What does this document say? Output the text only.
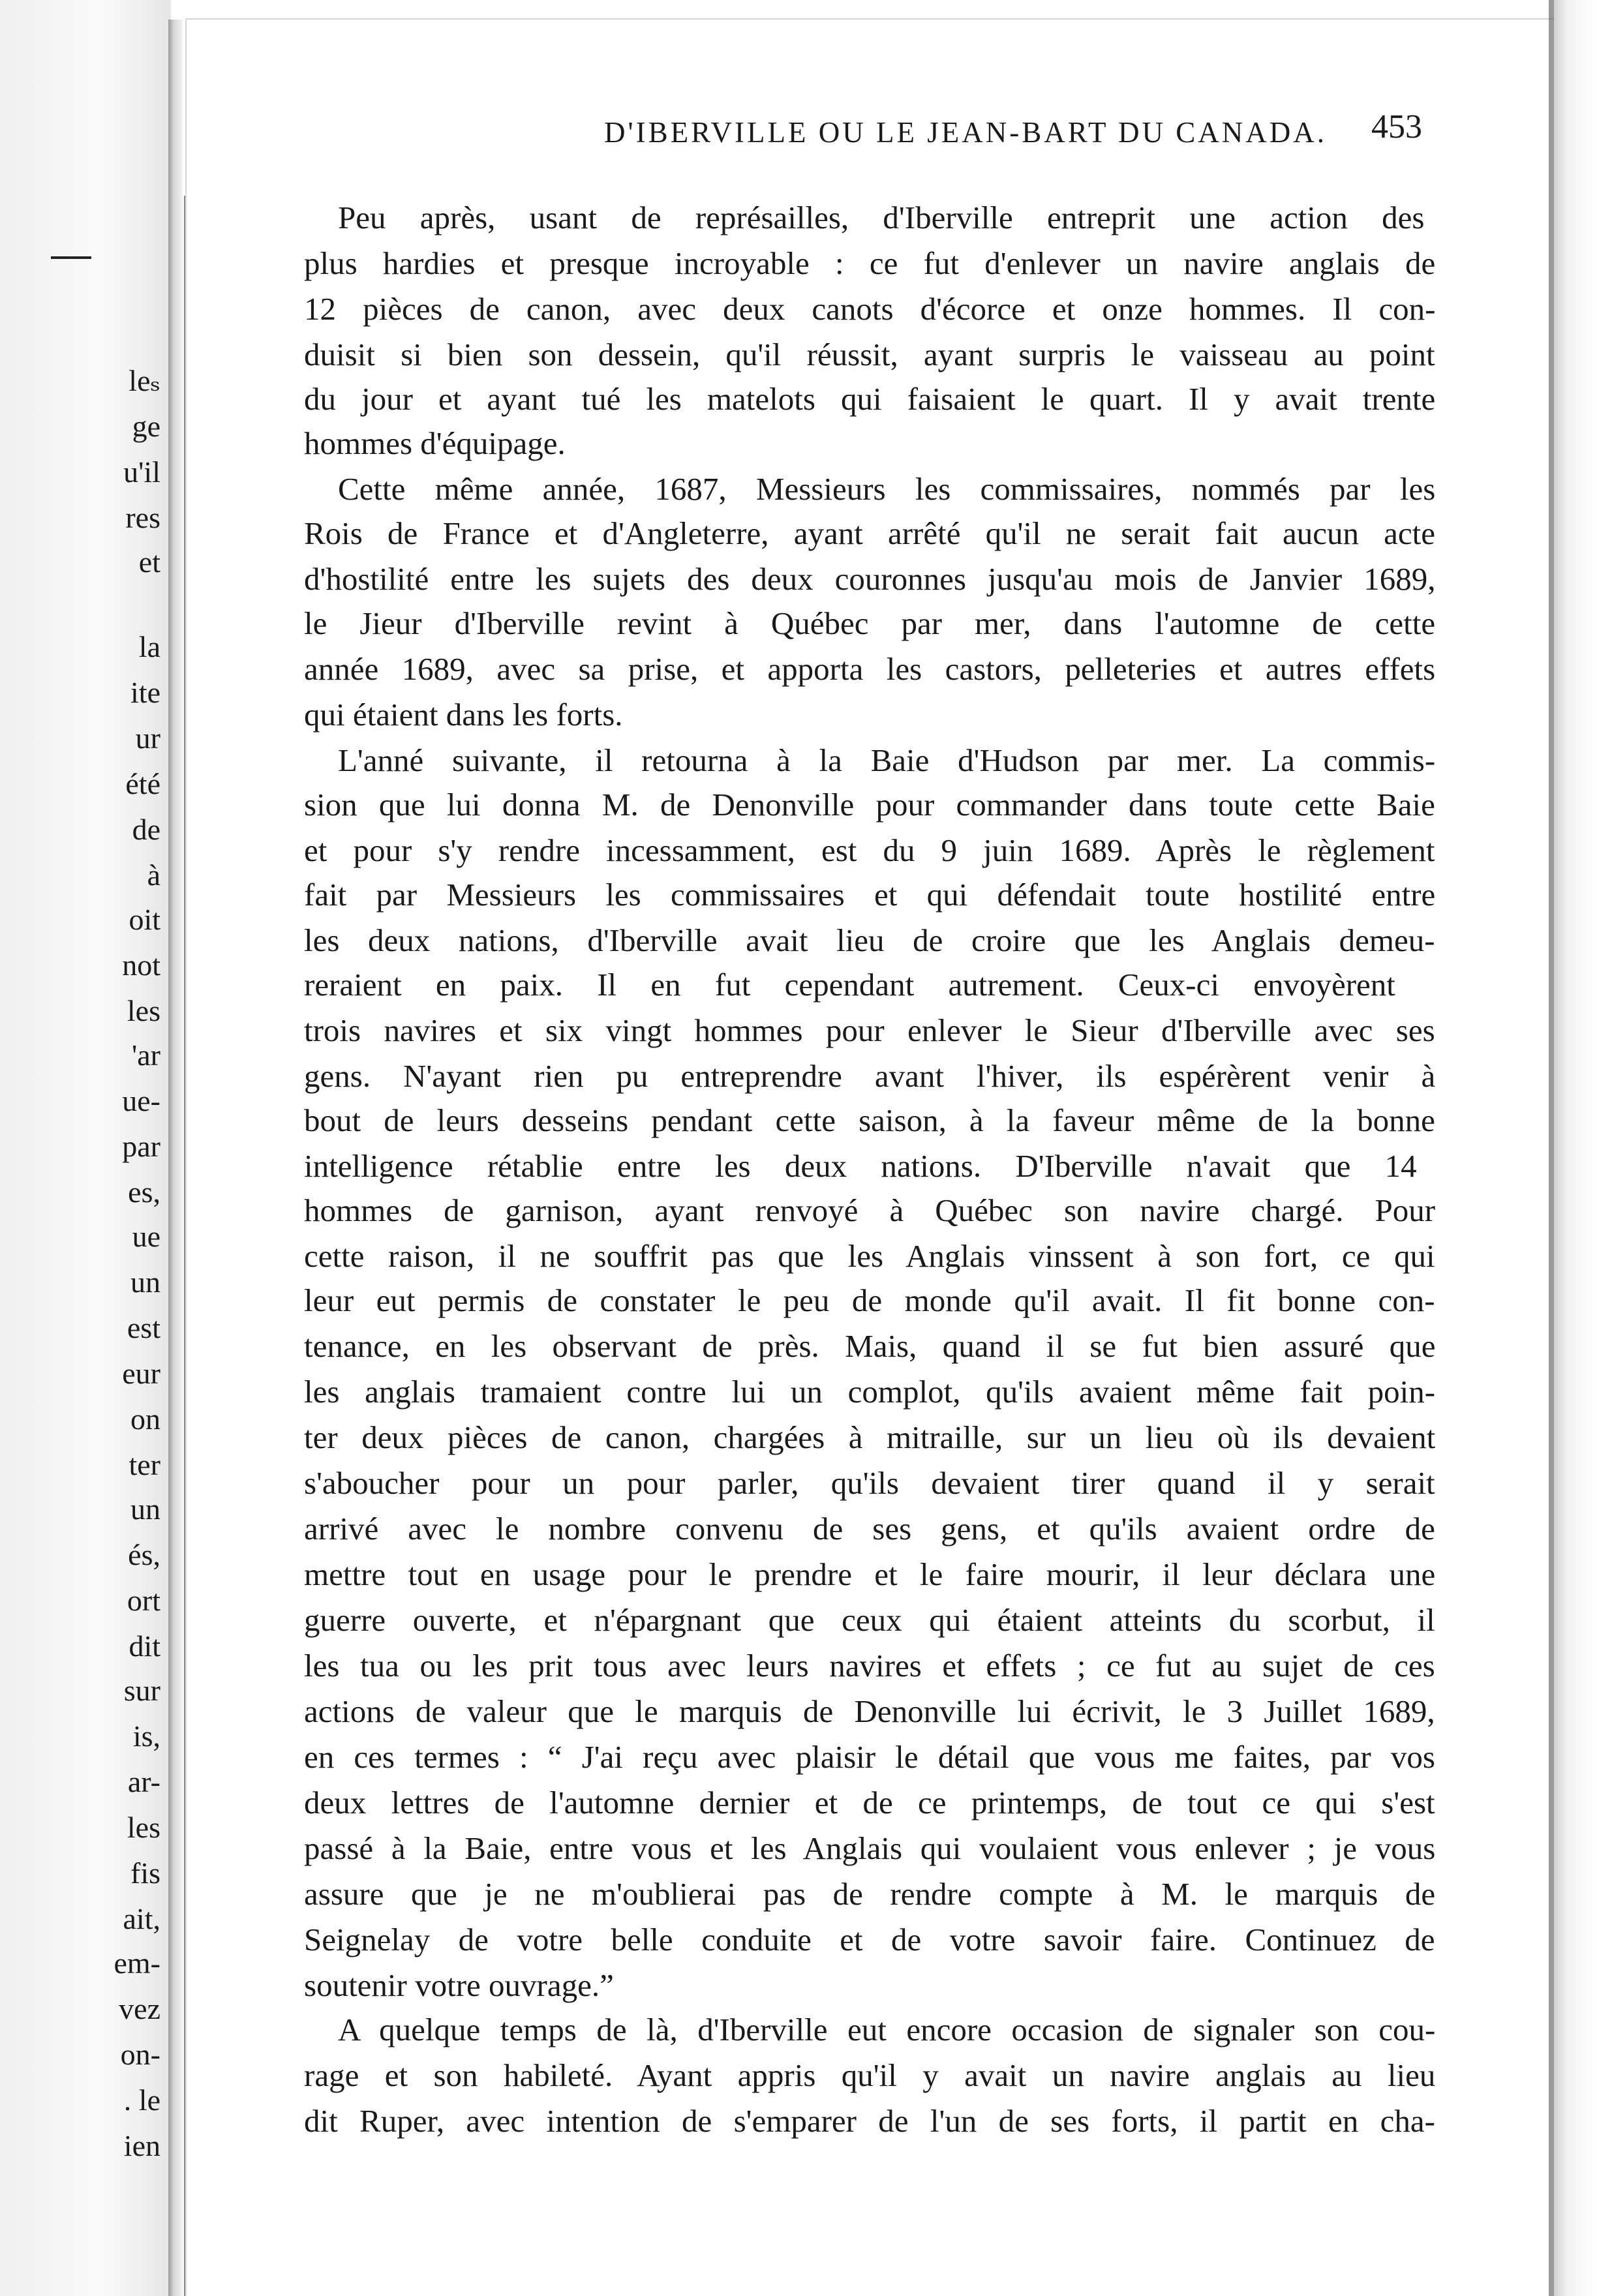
leₛ
ge
u'il
res
et
la
ite
ur
été
de
à
oit
not
les
'ar
ue-
par
es,
ue
un
est
eur
on
ter
un
és,
ort
dit
sur
is,
ar-
les
fis
ait,
em-
vez
on-
. le
ien
D'IBERVILLE OU LE JEAN-BART DU CANADA.	453
Peu après, usant de représailles, d'Iberville entreprit une action des
plus hardies et presque incroyable : ce fut d'enlever un navire anglais de
12 pièces de canon, avec deux canots d'écorce et onze hommes. Il con-
duisit si bien son dessein, qu'il réussit, ayant surpris le vaisseau au point
du jour et ayant tué les matelots qui faisaient le quart. Il y avait trente
hommes d'équipage.
Cette même année, 1687, Messieurs les commissaires, nommés par les
Rois de France et d'Angleterre, ayant arrêté qu'il ne serait fait aucun acte
d'hostilité entre les sujets des deux couronnes jusqu'au mois de Janvier 1689,
le Jieur d'Iberville revint à Québec par mer, dans l'automne de cette
année 1689, avec sa prise, et apporta les castors, pelleteries et autres effets
qui étaient dans les forts.
L'anné suivante, il retourna à la Baie d'Hudson par mer. La commis-
sion que lui donna M. de Denonville pour commander dans toute cette Baie
et pour s'y rendre incessamment, est du 9 juin 1689. Après le règlement
fait par Messieurs les commissaires et qui défendait toute hostilité entre
les deux nations, d'Iberville avait lieu de croire que les Anglais demeu-
reraient en paix. Il en fut cependant autrement. Ceux-ci envoyèrent
trois navires et six vingt hommes pour enlever le Sieur d'Iberville avec ses
gens. N'ayant rien pu entreprendre avant l'hiver, ils espérèrent venir à
bout de leurs desseins pendant cette saison, à la faveur même de la bonne
intelligence rétablie entre les deux nations. D'Iberville n'avait que 14
hommes de garnison, ayant renvoyé à Québec son navire chargé. Pour
cette raison, il ne souffrit pas que les Anglais vinssent à son fort, ce qui
leur eut permis de constater le peu de monde qu'il avait. Il fit bonne con-
tenance, en les observant de près. Mais, quand il se fut bien assuré que
les anglais tramaient contre lui un complot, qu'ils avaient même fait poin-
ter deux pièces de canon, chargées à mitraille, sur un lieu où ils devaient
s'aboucher pour un pour parler, qu'ils devaient tirer quand il y serait
arrivé avec le nombre convenu de ses gens, et qu'ils avaient ordre de
mettre tout en usage pour le prendre et le faire mourir, il leur déclara une
guerre ouverte, et n'épargnant que ceux qui étaient atteints du scorbut, il
les tua ou les prit tous avec leurs navires et effets ; ce fut au sujet de ces
actions de valeur que le marquis de Denonville lui écrivit, le 3 Juillet 1689,
en ces termes : “ J'ai reçu avec plaisir le détail que vous me faites, par vos
deux lettres de l'automne dernier et de ce printemps, de tout ce qui s'est
passé à la Baie, entre vous et les Anglais qui voulaient vous enlever ; je vous
assure que je ne m'oublierai pas de rendre compte à M. le marquis de
Seignelay de votre belle conduite et de votre savoir faire. Continuez de
soutenir votre ouvrage.”
A quelque temps de là, d'Iberville eut encore occasion de signaler son cou-
rage et son habileté. Ayant appris qu'il y avait un navire anglais au lieu
dit Ruper, avec intention de s'emparer de l'un de ses forts, il partit en cha-
